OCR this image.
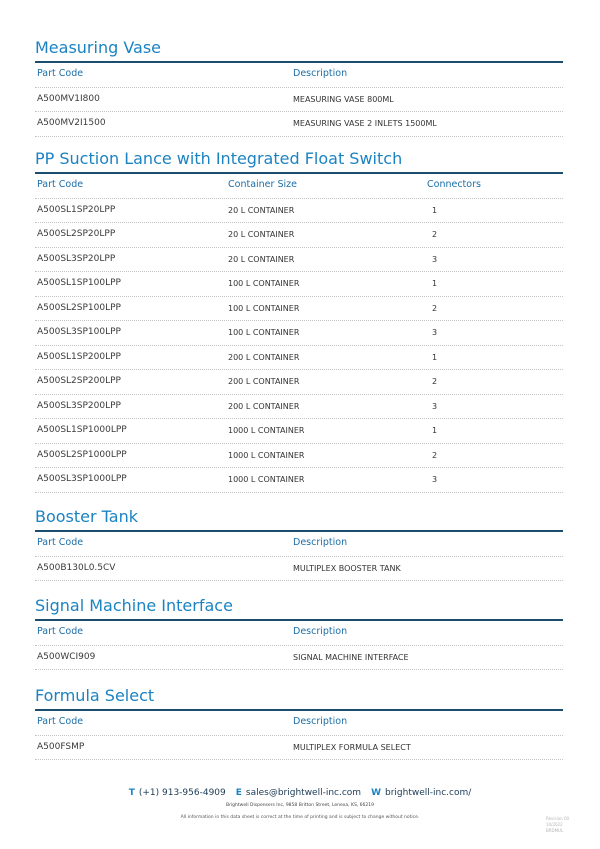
Measuring Vase
Part Code	Description
A500MV1I800	MEASURING VASE 800ML
A500MV2I1500	MEASURING VASE 2 INLETS 1500ML
PP Suction Lance with Integrated Float Switch
Part Code	Container Size	Connectors
A500SL1SP20LPP	20 L CONTAINER	1
A500SL2SP20LPP	20 L CONTAINER	2
A500SL3SP20LPP	20 L CONTAINER	3
A500SL1SP100LPP	100 L CONTAINER	1
A500SL2SP100LPP	100 L CONTAINER	2
A500SL3SP100LPP	100 L CONTAINER	3
A500SL1SP200LPP	200 L CONTAINER	1
A500SL2SP200LPP	200 L CONTAINER	2
A500SL3SP200LPP	200 L CONTAINER	3
A500SL1SP1000LPP	1000 L CONTAINER	1
A500SL2SP1000LPP	1000 L CONTAINER	2
A500SL3SP1000LPP	1000 L CONTAINER	3
Booster Tank
Part Code	Description
A500B130L0.5CV	MULTIPLEX BOOSTER TANK
Signal Machine Interface
Part Code	Description
A500WCI909	SIGNAL MACHINE INTERFACE
Formula Select
Part Code	Description
A500FSMP	MULTIPLEX FORMULA SELECT
T (+1) 913-956-4909 E sales@brightwell-inc.com W brightwell-inc.com/
Brightwell Dispensers Inc, 9858 Britton Street, Lenexa, KS, 66219
All information in this data sheet is correct at the time of printing and is subject to change without notice.	Revision 00
10/2022
BRDMUL
